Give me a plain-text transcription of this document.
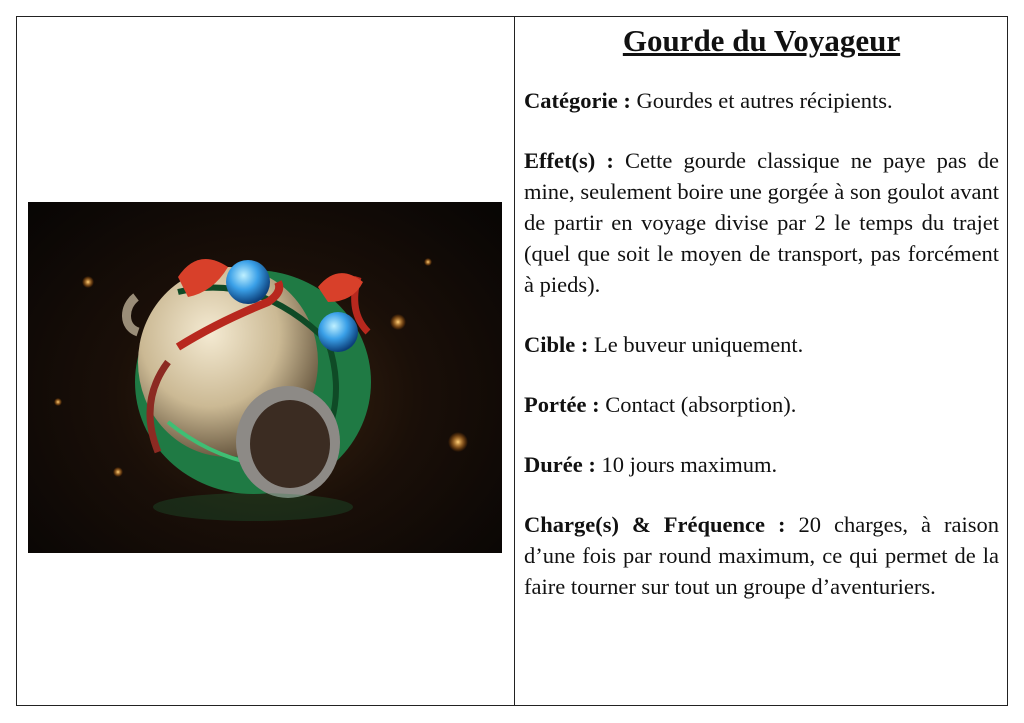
Gourde du Voyageur
Catégorie : Gourdes et autres récipients.
Effet(s) : Cette gourde classique ne paye pas de mine, seulement boire une gorgée à son goulot avant de partir en voyage divise par 2 le temps du trajet (quel que soit le moyen de transport, pas forcément à pieds).
Cible : Le buveur uniquement.
Portée : Contact (absorption).
Durée : 10 jours maximum.
Charge(s) & Fréquence : 20 charges, à raison d’une fois par round maximum, ce qui permet de la faire tourner sur tout un groupe d’aventuriers.
